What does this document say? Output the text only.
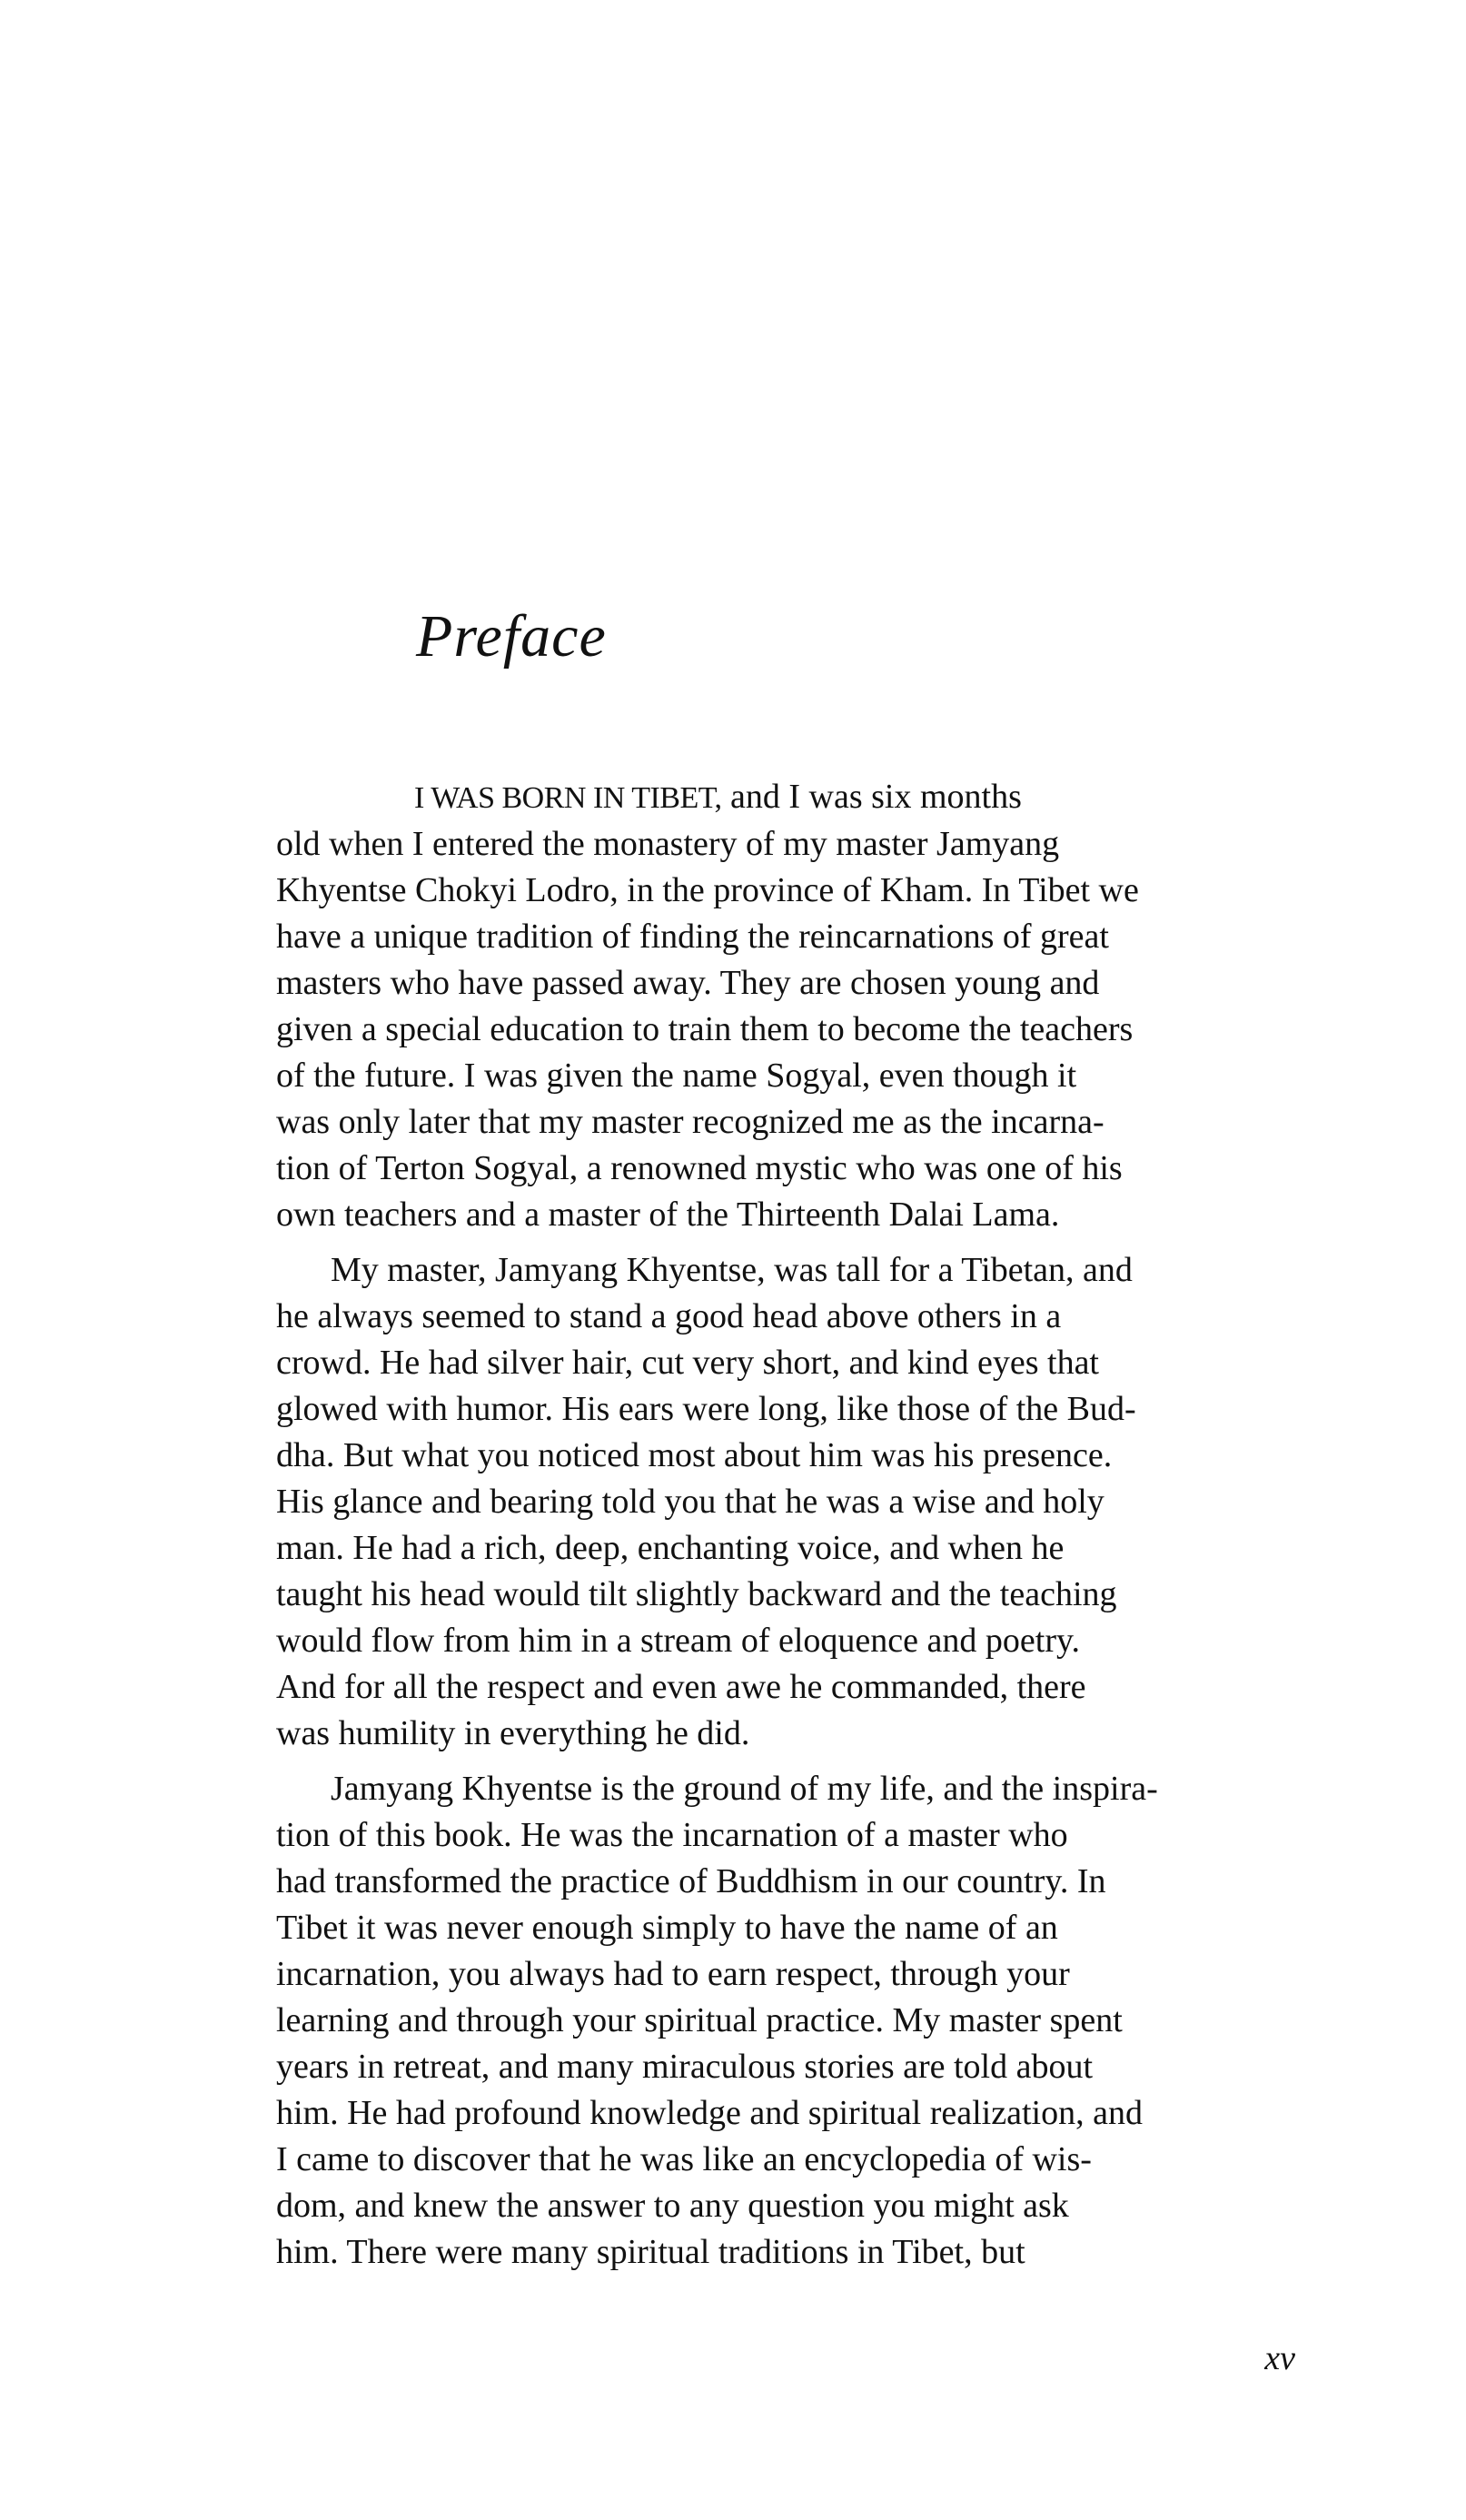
Preface
I WAS BORN IN TIBET, and I was six months
old when I entered the monastery of my master Jamyang
Khyentse Chokyi Lodro, in the province of Kham. In Tibet we
have a unique tradition of finding the reincarnations of great
masters who have passed away. They are chosen young and
given a special education to train them to become the teachers
of the future. I was given the name Sogyal, even though it
was only later that my master recognized me as the incarna-
tion of Terton Sogyal, a renowned mystic who was one of his
own teachers and a master of the Thirteenth Dalai Lama.
My master, Jamyang Khyentse, was tall for a Tibetan, and
he always seemed to stand a good head above others in a
crowd. He had silver hair, cut very short, and kind eyes that
glowed with humor. His ears were long, like those of the Bud-
dha. But what you noticed most about him was his presence.
His glance and bearing told you that he was a wise and holy
man. He had a rich, deep, enchanting voice, and when he
taught his head would tilt slightly backward and the teaching
would flow from him in a stream of eloquence and poetry.
And for all the respect and even awe he commanded, there
was humility in everything he did.
Jamyang Khyentse is the ground of my life, and the inspira-
tion of this book. He was the incarnation of a master who
had transformed the practice of Buddhism in our country. In
Tibet it was never enough simply to have the name of an
incarnation, you always had to earn respect, through your
learning and through your spiritual practice. My master spent
years in retreat, and many miraculous stories are told about
him. He had profound knowledge and spiritual realization, and
I came to discover that he was like an encyclopedia of wis-
dom, and knew the answer to any question you might ask
him. There were many spiritual traditions in Tibet, but
xv
